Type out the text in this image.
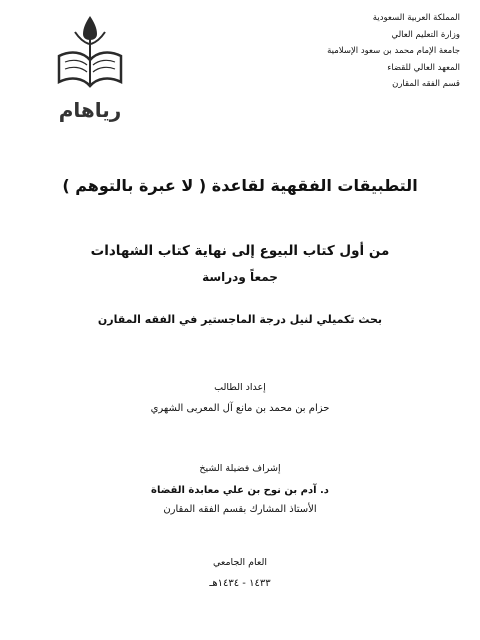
المملكة العربية السعودية
وزارة التعليم العالي
جامعة الإمام محمد بن سعود الإسلامية
المعهد العالي للقضاء
قسم الفقه المقارن
رياهام
التطبيقات الفقهية لقاعدة ( لا عبرة بالتوهم )
من أول كتاب البيوع إلى نهاية كتاب الشهادات
جمعاً ودراسة
بحث تكميلي لنيل درجة الماجستير في الفقه المقارن
إعداد الطالب
حزام بن محمد بن مانع آل المعربى الشهري
إشراف فضيلة الشيخ
د. آدم بن نوح بن علي معابدة القضاة
الأستاذ المشارك بقسم الفقه المقارن
العام الجامعي
١٤٣٣ - ١٤٣٤هـ
